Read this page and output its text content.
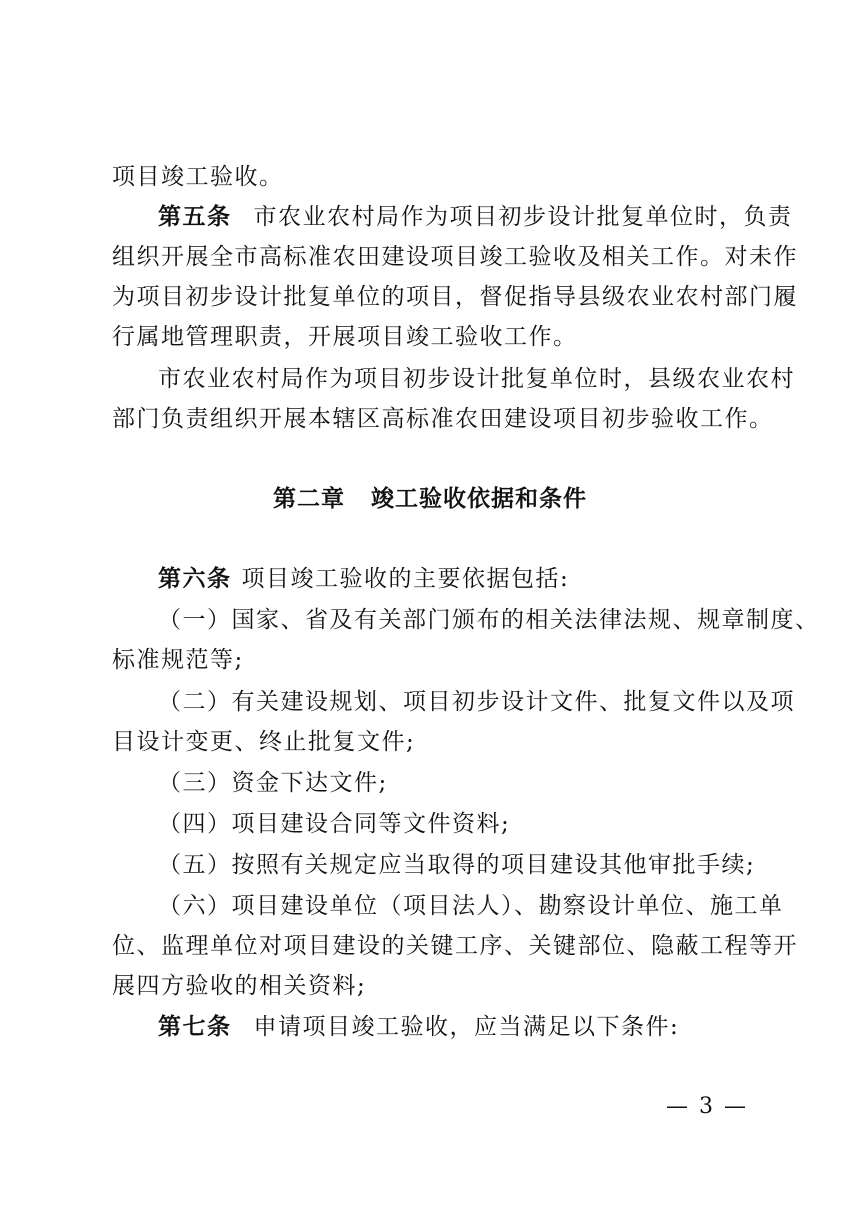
项目竣工验收。
第五条 市农业农村局作为项目初步设计批复单位时，负责
组织开展全市高标准农田建设项目竣工验收及相关工作。对未作
为项目初步设计批复单位的项目，督促指导县级农业农村部门履
行属地管理职责，开展项目竣工验收工作。
市农业农村局作为项目初步设计批复单位时，县级农业农村
部门负责组织开展本辖区高标准农田建设项目初步验收工作。
第二章 竣工验收依据和条件
第六条 项目竣工验收的主要依据包括:
（一）国家、省及有关部门颁布的相关法律法规、规章制度、
标准规范等;
（二）有关建设规划、项目初步设计文件、批复文件以及项
目设计变更、终止批复文件;
（三）资金下达文件;
（四）项目建设合同等文件资料;
（五）按照有关规定应当取得的项目建设其他审批手续;
（六）项目建设单位（项目法人）、勘察设计单位、施工单
位、监理单位对项目建设的关键工序、关键部位、隐蔽工程等开
展四方验收的相关资料;
第七条 申请项目竣工验收，应当满足以下条件:
— 3 —
